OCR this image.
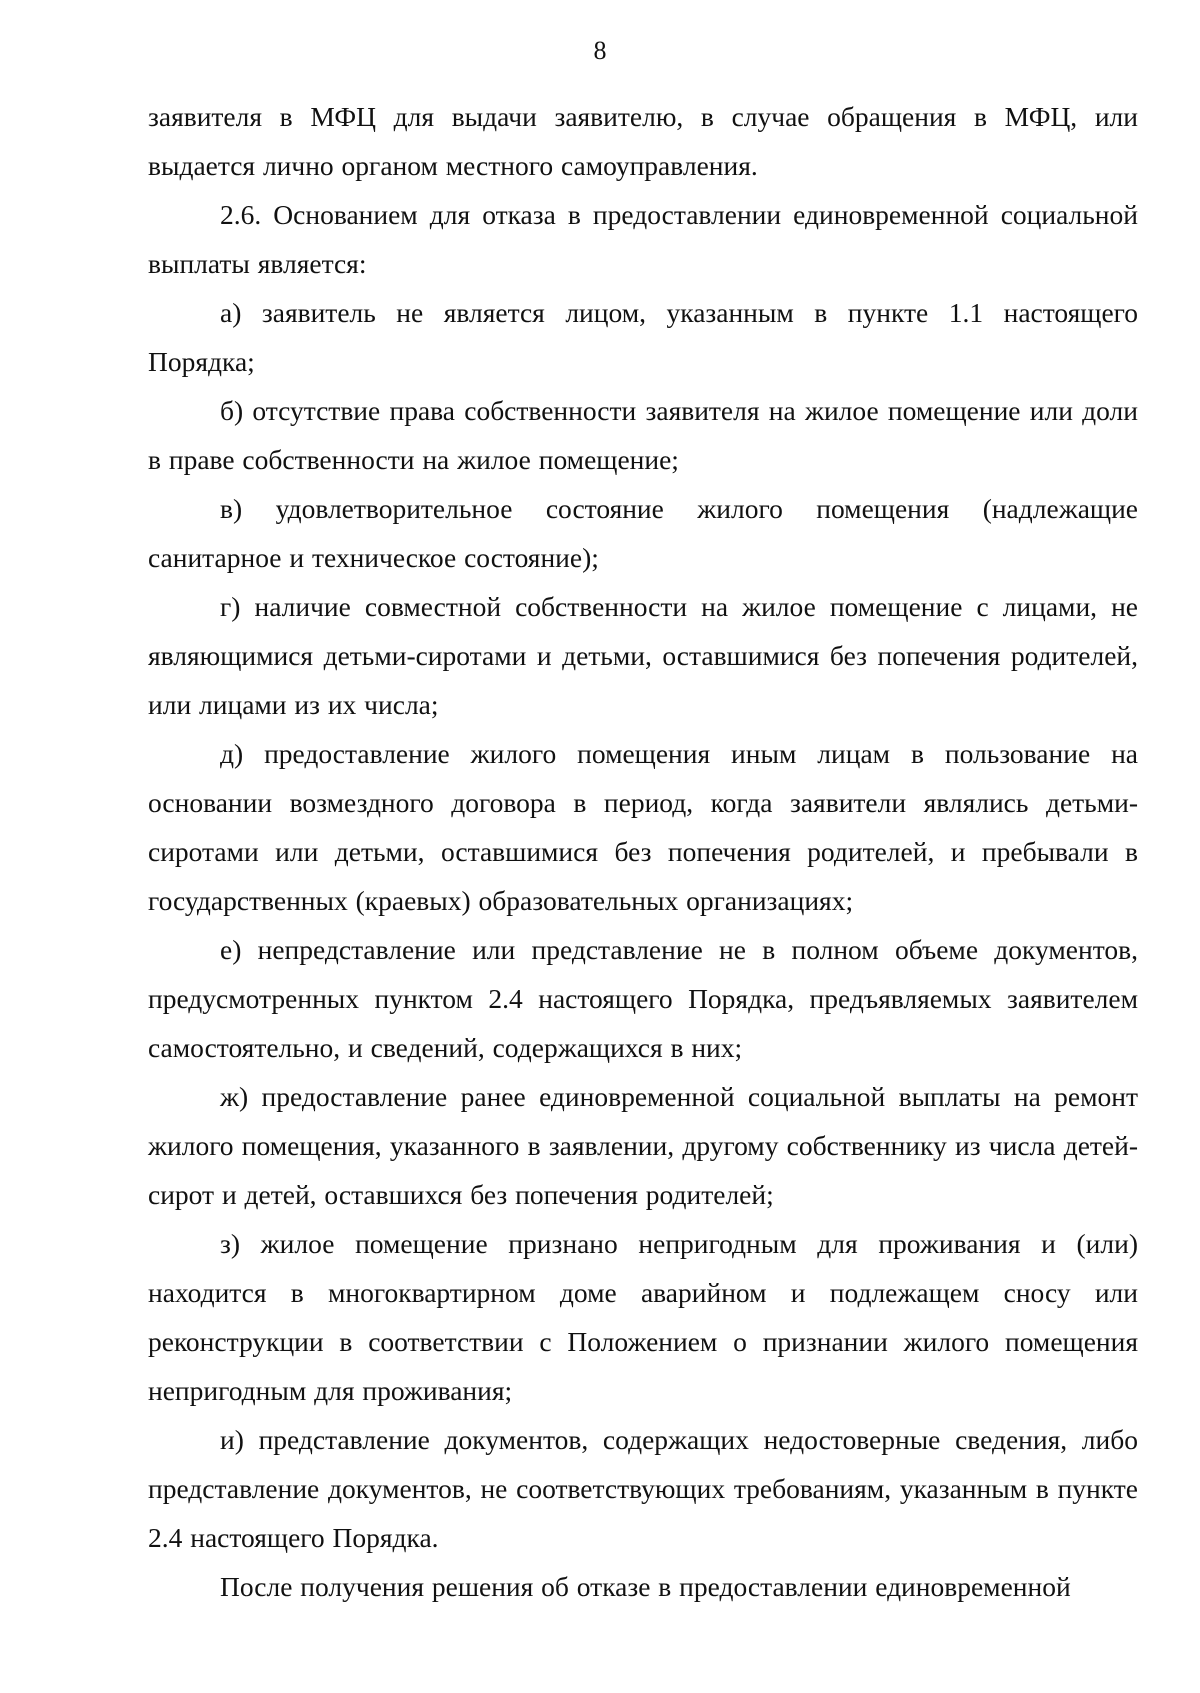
8

заявителя в МФЦ для выдачи заявителю, в случае обращения в МФЦ, или выдается лично органом местного самоуправления.

2.6. Основанием для отказа в предоставлении единовременной социальной выплаты является:

а) заявитель не является лицом, указанным в пункте 1.1 настоящего Порядка;

б) отсутствие права собственности заявителя на жилое помещение или доли в праве собственности на жилое помещение;

в) удовлетворительное состояние жилого помещения (надлежащие санитарное и техническое состояние);

г) наличие совместной собственности на жилое помещение с лицами, не являющимися детьми-сиротами и детьми, оставшимися без попечения родителей, или лицами из их числа;

д) предоставление жилого помещения иным лицам в пользование на основании возмездного договора в период, когда заявители являлись детьми-сиротами или детьми, оставшимися без попечения родителей, и пребывали в государственных (краевых) образовательных организациях;

е) непредставление или представление не в полном объеме документов, предусмотренных пунктом 2.4 настоящего Порядка, предъявляемых заявителем самостоятельно, и сведений, содержащихся в них;

ж) предоставление ранее единовременной социальной выплаты на ремонт жилого помещения, указанного в заявлении, другому собственнику из числа детей-сирот и детей, оставшихся без попечения родителей;

з) жилое помещение признано непригодным для проживания и (или) находится в многоквартирном доме аварийном и подлежащем сносу или реконструкции в соответствии с Положением о признании жилого помещения непригодным для проживания;

и) представление документов, содержащих недостоверные сведения, либо представление документов, не соответствующих требованиям, указанным в пункте 2.4 настоящего Порядка.

После получения решения об отказе в предоставлении единовременной
